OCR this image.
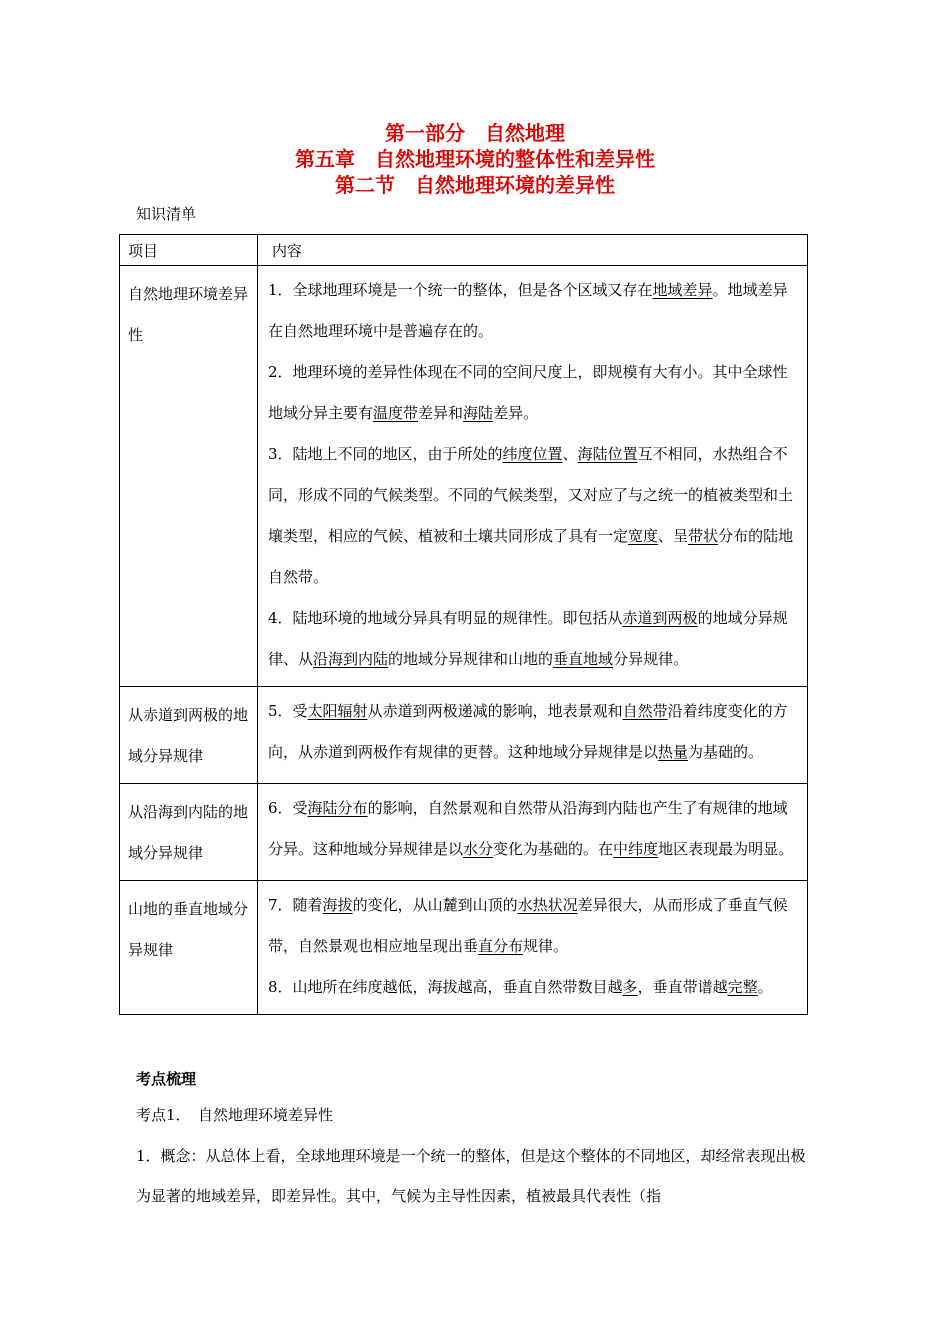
第一部分　自然地理
第五章　自然地理环境的整体性和差异性
第二节　自然地理环境的差异性
知识清单
项目	内容
自然地理环境差异性	1．全球地理环境是一个统一的整体，但是各个区域又存在地域差异。地域差异在自然地理环境中是普遍存在的。

2．地理环境的差异性体现在不同的空间尺度上，即规模有大有小。其中全球性地域分异主要有温度带差异和海陆差异。

3．陆地上不同的地区，由于所处的纬度位置、海陆位置互不相同，水热组合不同，形成不同的气候类型。不同的气候类型，又对应了与之统一的植被类型和土壤类型，相应的气候、植被和土壤共同形成了具有一定宽度、呈带状分布的陆地自然带。

4．陆地环境的地域分异具有明显的规律性。即包括从赤道到两极的地域分异规律、从沿海到内陆的地域分异规律和山地的垂直地域分异规律。

从赤道到两极的地域分异规律	5．受太阳辐射从赤道到两极递减的影响，地表景观和自然带沿着纬度变化的方向，从赤道到两极作有规律的更替。这种地域分异规律是以热量为基础的。

从沿海到内陆的地域分异规律	6．受海陆分布的影响，自然景观和自然带从沿海到内陆也产生了有规律的地域分异。这种地域分异规律是以水分变化为基础的。在中纬度地区表现最为明显。

山地的垂直地域分异规律	7．随着海拔的变化，从山麓到山顶的水热状况差异很大，从而形成了垂直气候带，自然景观也相应地呈现出垂直分布规律。

8．山地所在纬度越低，海拔越高，垂直自然带数目越多，垂直带谱越完整。

考点梳理
考点1．　自然地理环境差异性
1．概念：从总体上看，全球地理环境是一个统一的整体，但是这个整体的不同地区，却经常表现出极为显著的地域差异，即差异性。其中，气候为主导性因素，植被最具代表性（指
